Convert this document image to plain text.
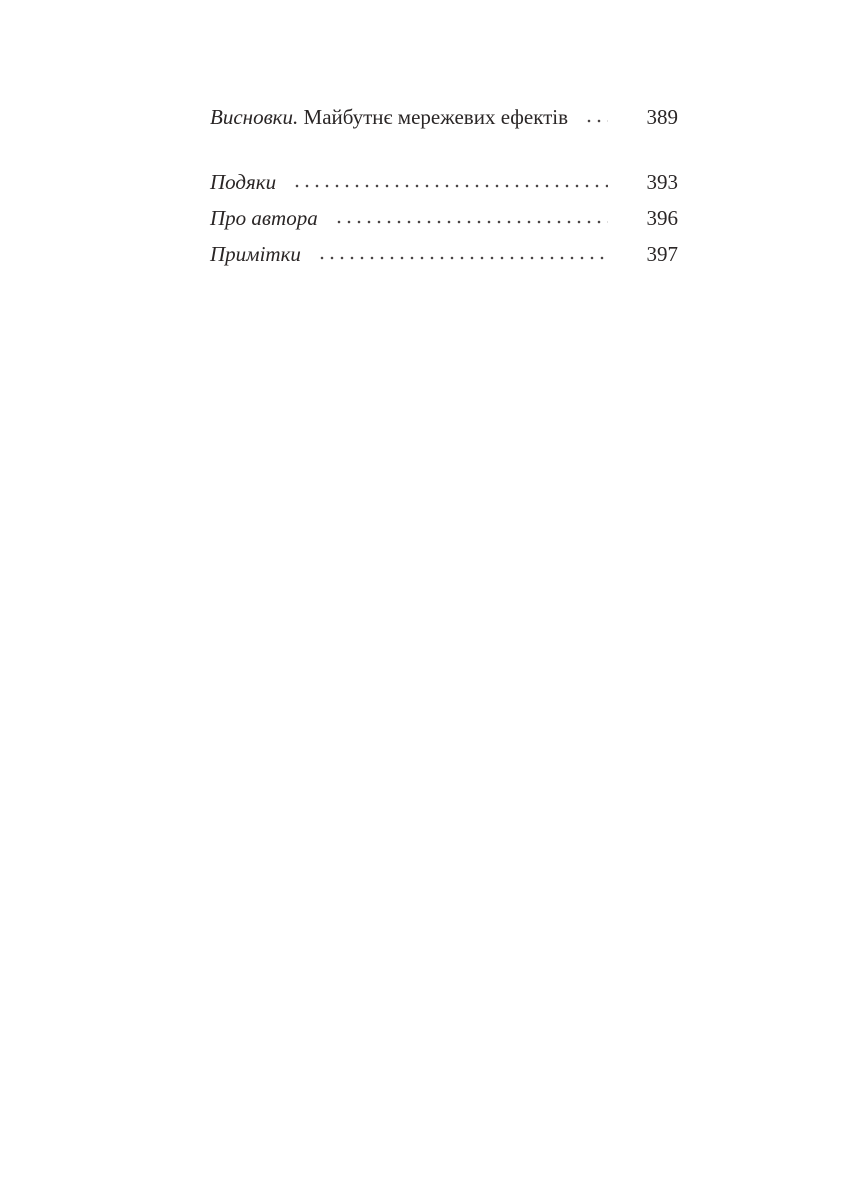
Висновки. Майбутнє мережевих ефектів	389
Подяки	393
Про автора	396
Примітки	397
